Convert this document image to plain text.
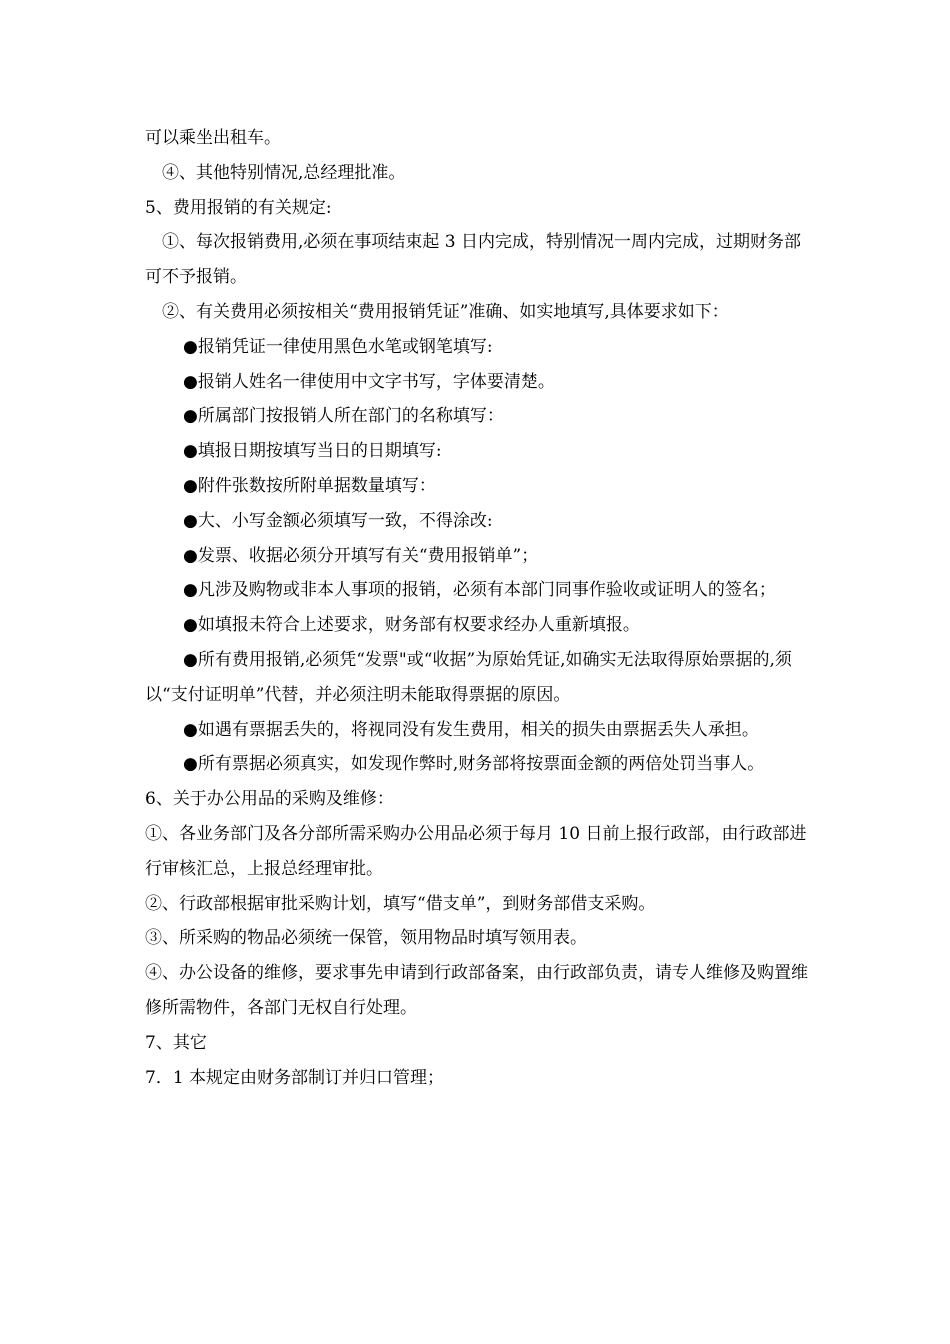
可以乘坐出租车。

④、其他特别情况,总经理批准。

5、费用报销的有关规定:

①、每次报销费用,必须在事项结束起 3 日内完成，特别情况一周内完成，过期财务部可不予报销。

②、有关费用必须按相关“费用报销凭证”准确、如实地填写,具体要求如下：

●报销凭证一律使用黑色水笔或钢笔填写:

●报销人姓名一律使用中文字书写，字体要清楚。

●所属部门按报销人所在部门的名称填写：

●填报日期按填写当日的日期填写:

●附件张数按所附单据数量填写：

●大、小写金额必须填写一致，不得涂改:

●发票、收据必须分开填写有关“费用报销单”；

●凡涉及购物或非本人事项的报销，必须有本部门同事作验收或证明人的签名；

●如填报未符合上述要求，财务部有权要求经办人重新填报。

●所有费用报销,必须凭“发票"或“收据”为原始凭证,如确实无法取得原始票据的,须以“支付证明单”代替，并必须注明未能取得票据的原因。

●如遇有票据丢失的，将视同没有发生费用，相关的损失由票据丢失人承担。

●所有票据必须真实，如发现作弊时,财务部将按票面金额的两倍处罚当事人。

6、关于办公用品的采购及维修：

①、各业务部门及各分部所需采购办公用品必须于每月 10 日前上报行政部，由行政部进行审核汇总，上报总经理审批。

②、行政部根据审批采购计划，填写“借支单”，到财务部借支采购。

③、所采购的物品必须统一保管，领用物品时填写领用表。

④、办公设备的维修，要求事先申请到行政部备案，由行政部负责，请专人维修及购置维修所需物件，各部门无权自行处理。

7、其它

7．1 本规定由财务部制订并归口管理；
